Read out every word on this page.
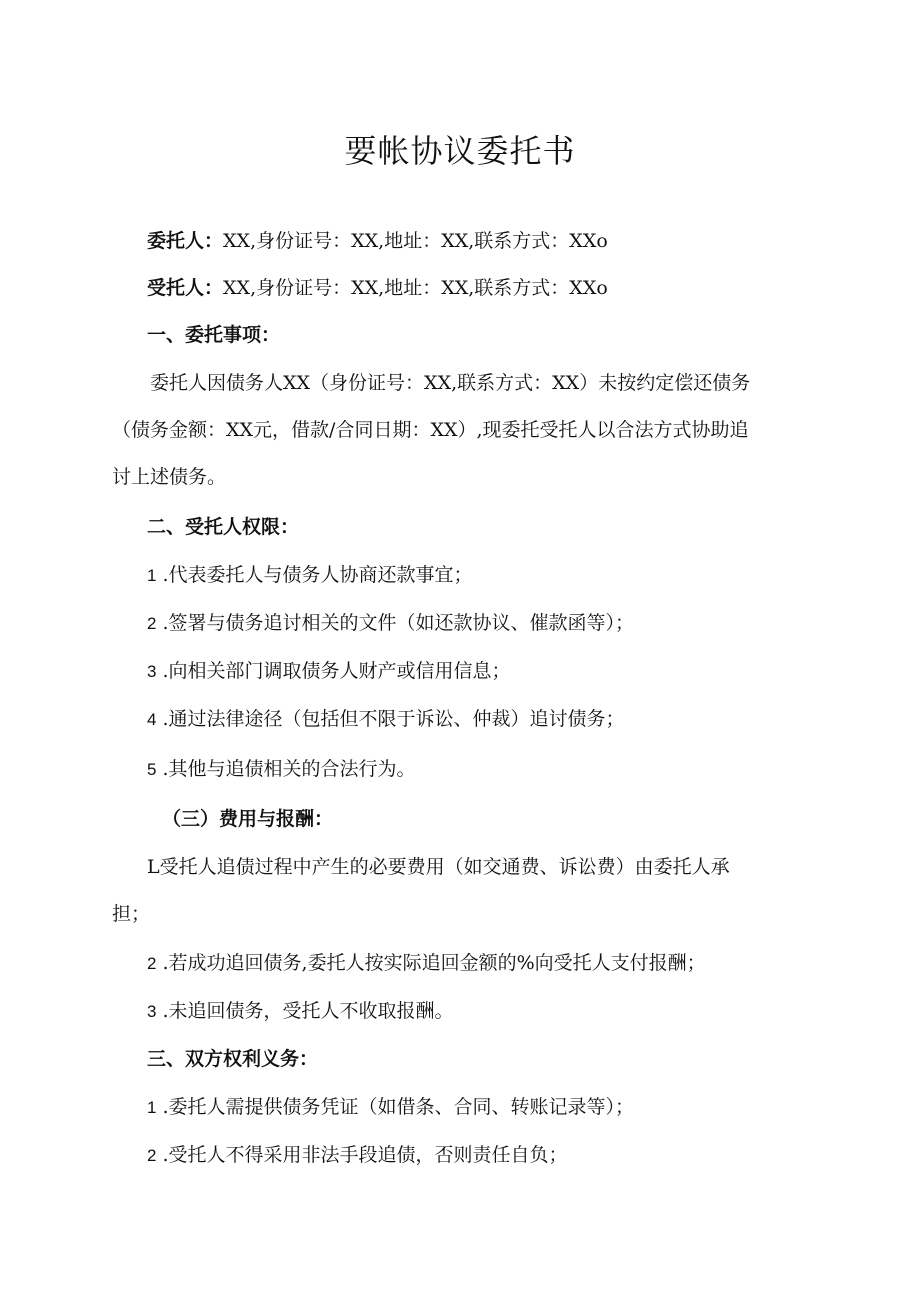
要帐协议委托书
委托人：XX,身份证号：XX,地址：XX,联系方式：XXo
受托人：XX,身份证号：XX,地址：XX,联系方式：XXo
一、委托事项：
委托人因债务人XX（身份证号：XX,联系方式：XX）未按约定偿还债务
（债务金额：XX元，借款/合同日期：XX）,现委托受托人以合法方式协助追
讨上述债务。
二、受托人权限：
1 .代表委托人与债务人协商还款事宜；
2 .签署与债务追讨相关的文件（如还款协议、催款函等）；
3 .向相关部门调取债务人财产或信用信息；
4 .通过法律途径（包括但不限于诉讼、仲裁）追讨债务；
5 .其他与追债相关的合法行为。
（三）费用与报酬：
L受托人追债过程中产生的必要费用（如交通费、诉讼费）由委托人承
担；
2 .若成功追回债务,委托人按实际追回金额的%向受托人支付报酬；
3 .未追回债务，受托人不收取报酬。
三、双方权利义务：
1 .委托人需提供债务凭证（如借条、合同、转账记录等）；
2 .受托人不得采用非法手段追债，否则责任自负；
